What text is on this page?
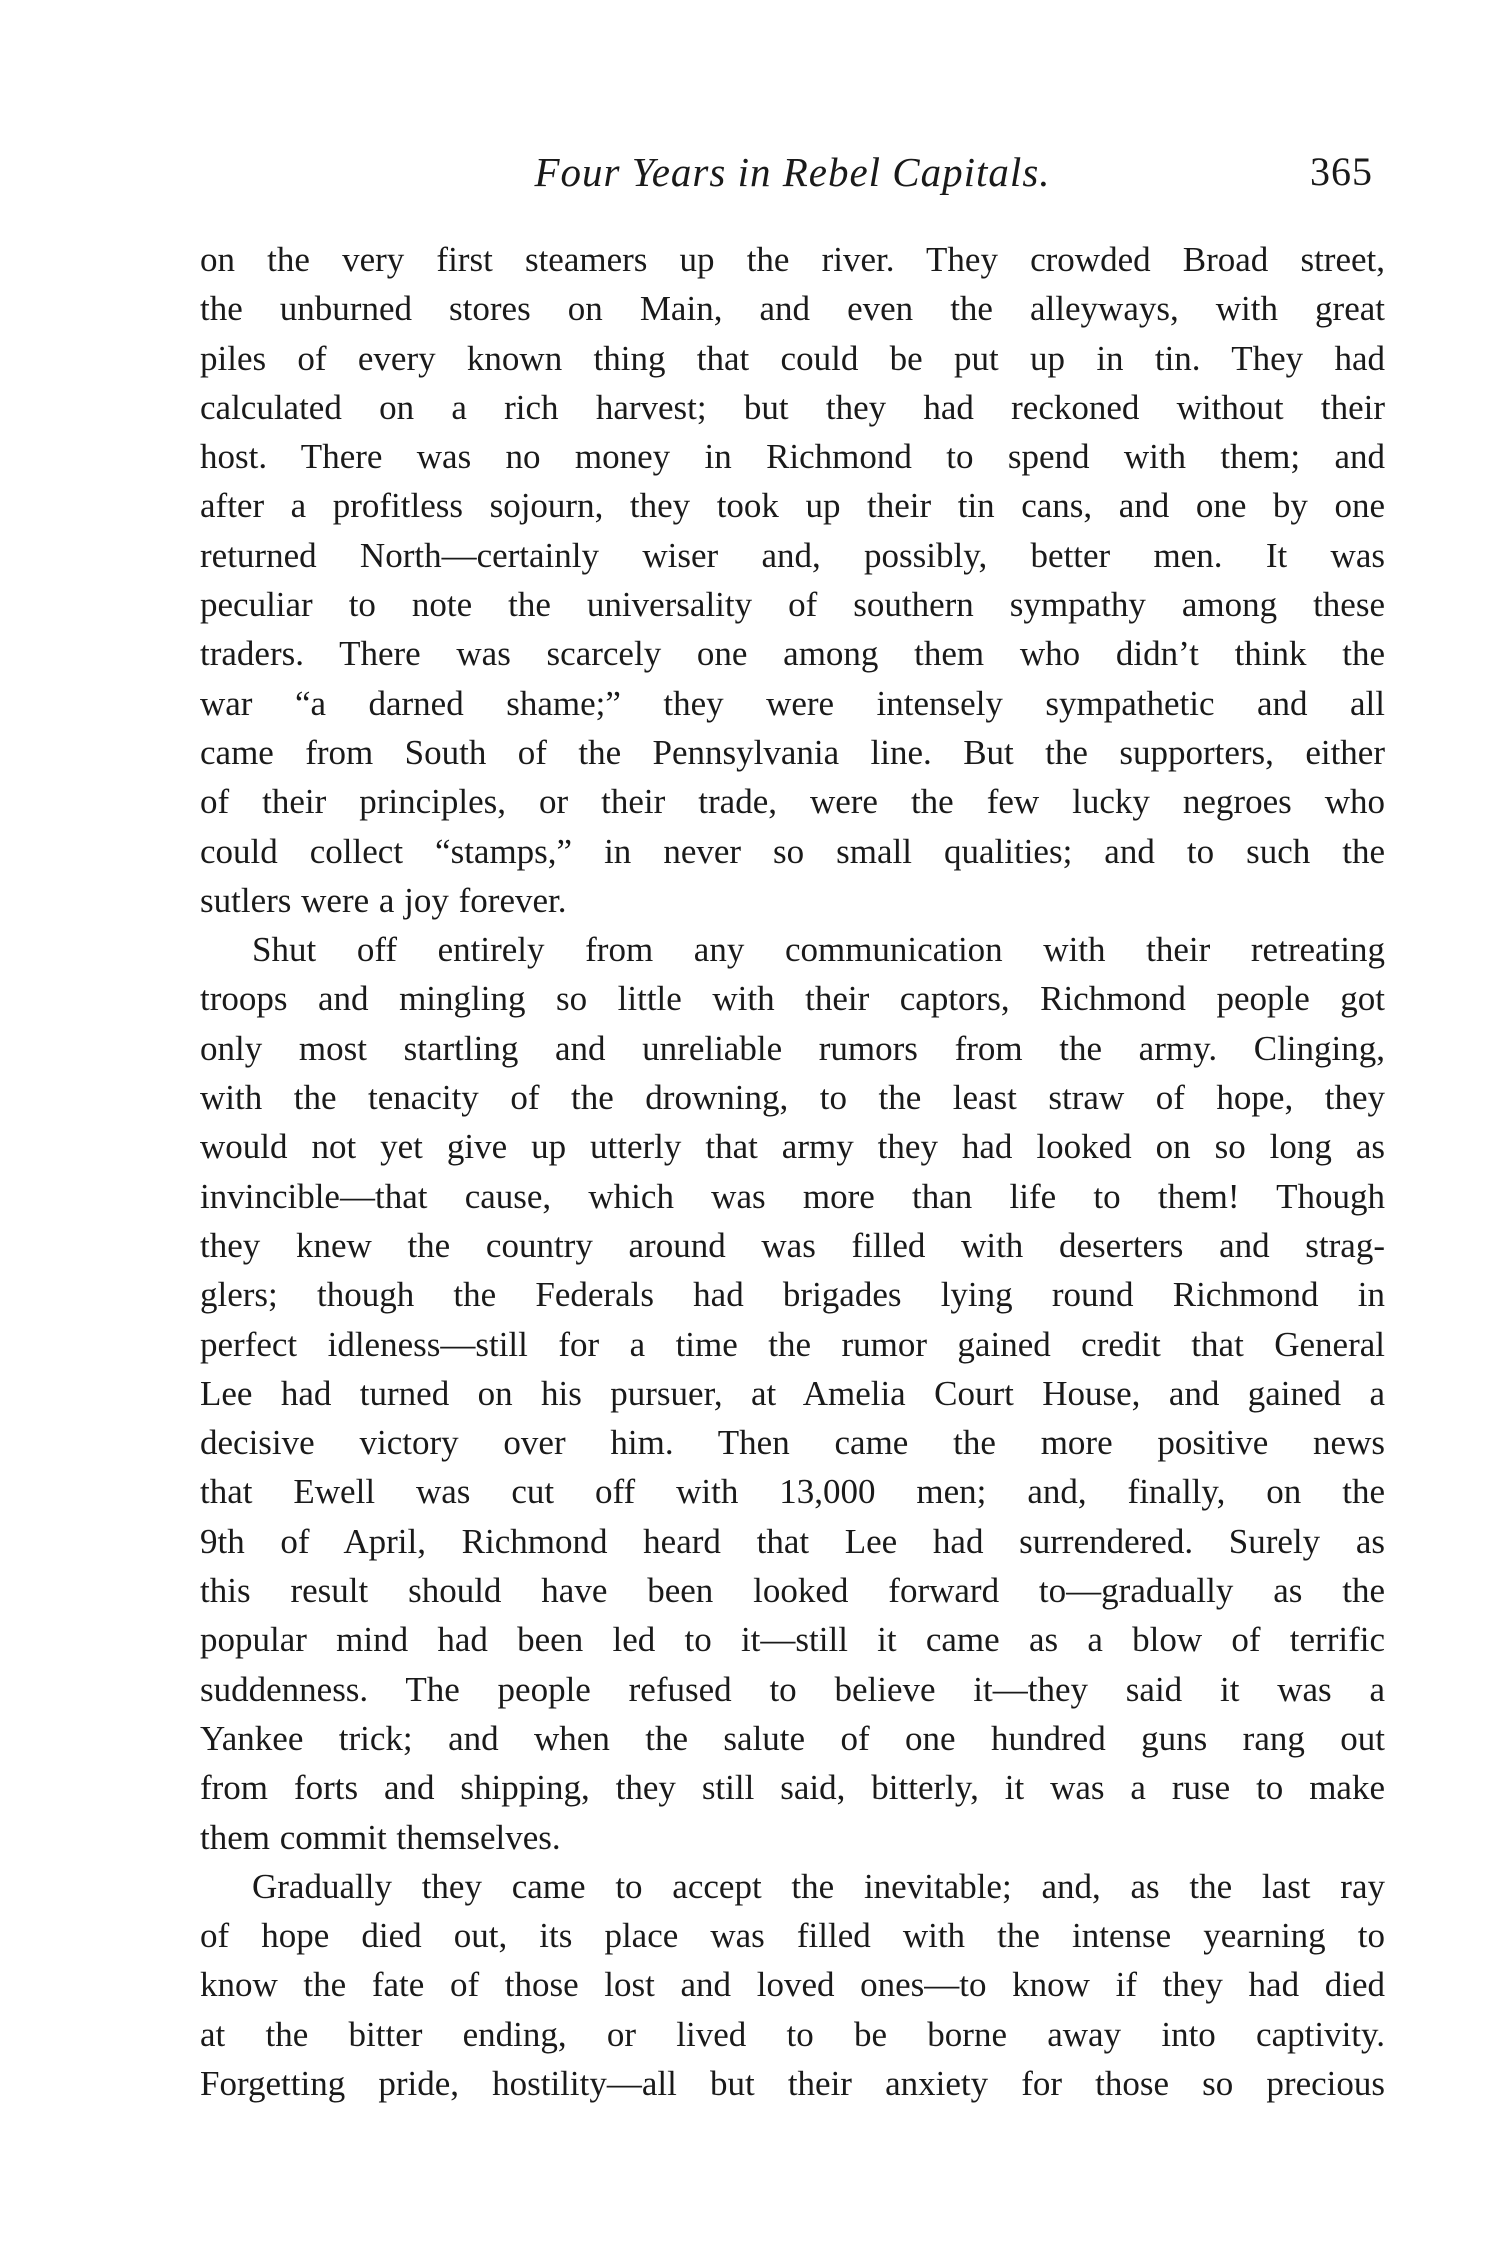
Four Years in Rebel Capitals.	365
on the very first steamers up the river. They crowded Broad street,
the unburned stores on Main, and even the alleyways, with great
piles of every known thing that could be put up in tin. They had
calculated on a rich harvest; but they had reckoned without their
host. There was no money in Richmond to spend with them; and
after a profitless sojourn, they took up their tin cans, and one by one
returned North—certainly wiser and, possibly, better men. It was
peculiar to note the universality of southern sympathy among these
traders. There was scarcely one among them who didn’t think the
war “a darned shame;” they were intensely sympathetic and all
came from South of the Pennsylvania line. But the supporters, either
of their principles, or their trade, were the few lucky negroes who
could collect “stamps,” in never so small qualities; and to such the
sutlers were a joy forever.
Shut off entirely from any communication with their retreating
troops and mingling so little with their captors, Richmond people got
only most startling and unreliable rumors from the army. Clinging,
with the tenacity of the drowning, to the least straw of hope, they
would not yet give up utterly that army they had looked on so long as
invincible—that cause, which was more than life to them! Though
they knew the country around was filled with deserters and strag-
glers; though the Federals had brigades lying round Richmond in
perfect idleness—still for a time the rumor gained credit that General
Lee had turned on his pursuer, at Amelia Court House, and gained a
decisive victory over him. Then came the more positive news
that Ewell was cut off with 13,000 men; and, finally, on the
9th of April, Richmond heard that Lee had surrendered. Surely as
this result should have been looked forward to—gradually as the
popular mind had been led to it—still it came as a blow of terrific
suddenness. The people refused to believe it—they said it was a
Yankee trick; and when the salute of one hundred guns rang out
from forts and shipping, they still said, bitterly, it was a ruse to make
them commit themselves.
Gradually they came to accept the inevitable; and, as the last ray
of hope died out, its place was filled with the intense yearning to
know the fate of those lost and loved ones—to know if they had died
at the bitter ending, or lived to be borne away into captivity.
Forgetting pride, hostility—all but their anxiety for those so precious
